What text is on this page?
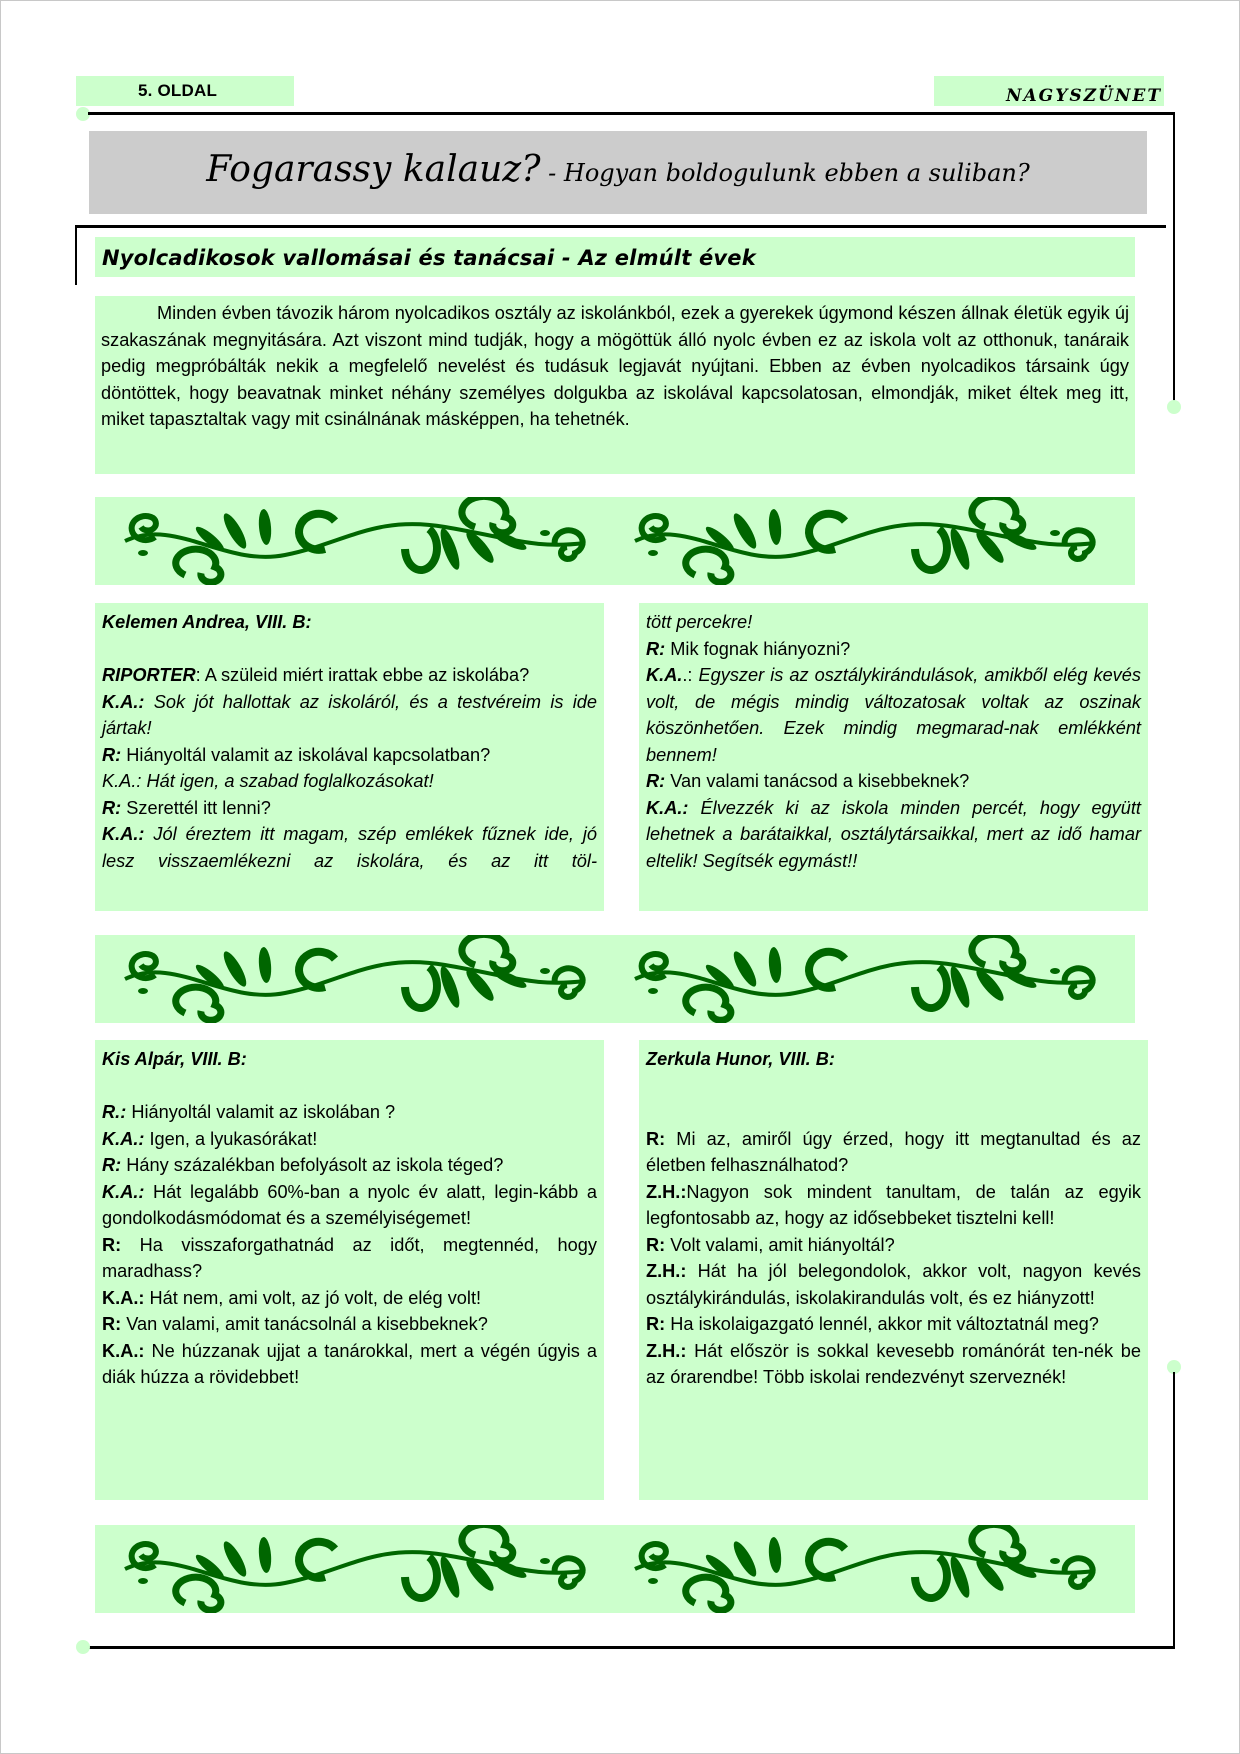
5. OLDAL	NAGYSZÜNET
Fogarassy kalauz? - Hogyan boldogulunk ebben a suliban?
Nyolcadikosok vallomásai és tanácsai - Az elmúlt évek

Minden évben távozik három nyolcadikos osztály az iskolánkból, ezek a gyerekek úgymond készen állnak életük egyik új szakaszának megnyitására. Azt viszont mind tudják, hogy a mögöttük álló nyolc évben ez az iskola volt az otthonuk, tanáraik pedig megpróbálták nekik a megfelelő nevelést és tudásuk legjavát nyújtani. Ebben az évben nyolcadikos társaink úgy döntöttek, hogy beavatnak minket néhány személyes dolgukba az iskolával kapcsolatosan, elmondják, miket éltek meg itt, miket tapasztaltak vagy mit csinálnának másképpen, ha tehetnék.

Kelemen Andrea, VIII. B:

RIPORTER: A szüleid miért irattak ebbe az iskolába?

K.A.: Sok jót hallottak az iskoláról, és a testvéreim is ide jártak!

R: Hiányoltál valamit az iskolával kapcsolatban?

K.A.: Hát igen, a szabad foglalkozásokat!

R: Szerettél itt lenni?

K.A.: Jól éreztem itt magam, szép emlékek fűznek ide, jó lesz visszaemlékezni az iskolára, és az itt töl-

tött percekre!

R: Mik fognak hiányozni?

K.A..: Egyszer is az osztálykirándulások, amikből elég kevés volt, de mégis mindig változatosak voltak az oszinak köszönhetően. Ezek mindig megmarad-nak emlékként bennem!

R: Van valami tanácsod a kisebbeknek?

K.A.: Élvezzék ki az iskola minden percét, hogy együtt lehetnek a barátaikkal, osztálytársaikkal, mert az idő hamar eltelik! Segítsék egymást!!

Kis Alpár, VIII. B:

R.: Hiányoltál valamit az iskolában ?

K.A.: Igen, a lyukasórákat!

R: Hány százalékban befolyásolt az iskola téged?

K.A.: Hát legalább 60%-ban a nyolc év alatt, legin-kább a gondolkodásmódomat és a személyiségemet!

R: Ha visszaforgathatnád az időt, megtennéd, hogy maradhass?

K.A.: Hát nem, ami volt, az jó volt, de elég volt!

R: Van valami, amit tanácsolnál a kisebbeknek?

K.A.: Ne húzzanak ujjat a tanárokkal, mert a végén úgyis a diák húzza a rövidebbet!

Zerkula Hunor, VIII. B:

R: Mi az, amiről úgy érzed, hogy itt megtanultad és az életben felhasználhatod?

Z.H.:Nagyon sok mindent tanultam, de talán az egyik legfontosabb az, hogy az idősebbeket tisztelni kell!

R: Volt valami, amit hiányoltál?

Z.H.: Hát ha jól belegondolok, akkor volt, nagyon kevés osztálykirándulás, iskolakirandulás volt, és ez hiányzott!

R: Ha iskolaigazgató lennél, akkor mit változtatnál meg?

Z.H.: Hát először is sokkal kevesebb románórát ten-nék be az órarendbe! Több iskolai rendezvényt szerveznék!
